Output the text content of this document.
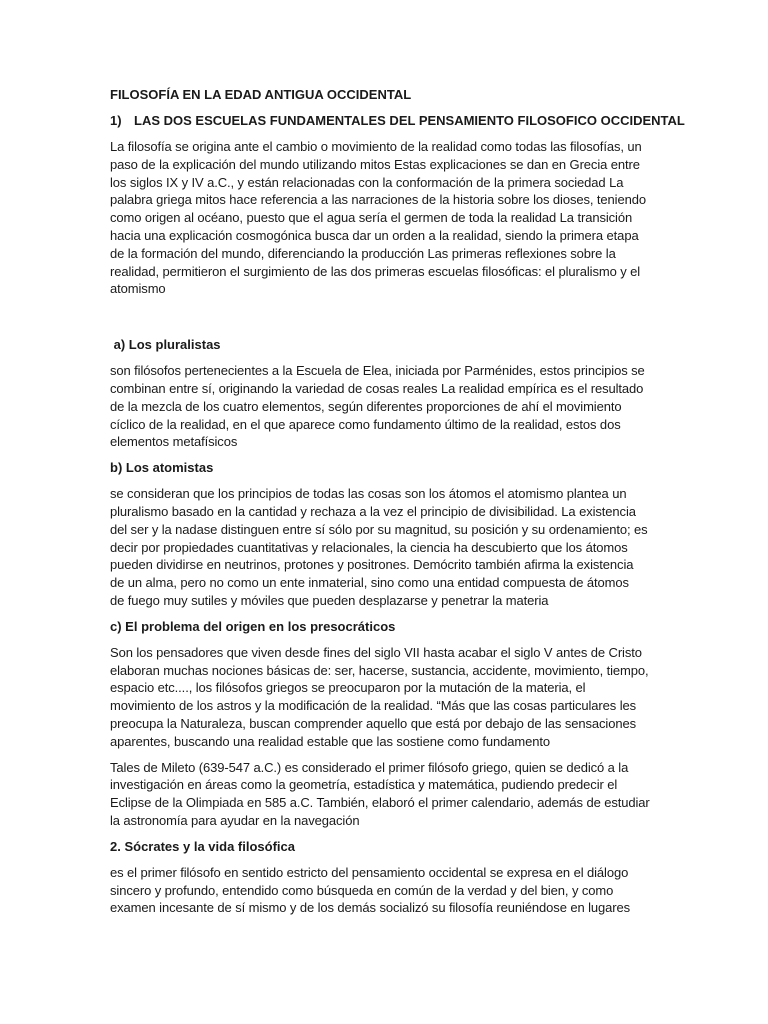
FILOSOFÍA EN LA EDAD ANTIGUA OCCIDENTAL
1) LAS DOS ESCUELAS FUNDAMENTALES DEL PENSAMIENTO FILOSOFICO OCCIDENTAL

La filosofía se origina ante el cambio o movimiento de la realidad como todas las filosofías, un
paso de la explicación del mundo utilizando mitos Estas explicaciones se dan en Grecia entre
los siglos IX y IV a.C., y están relacionadas con la conformación de la primera sociedad La
palabra griega mitos hace referencia a las narraciones de la historia sobre los dioses, teniendo
como origen al océano, puesto que el agua sería el germen de toda la realidad La transición
hacia una explicación cosmogónica busca dar un orden a la realidad, siendo la primera etapa
de la formación del mundo, diferenciando la producción Las primeras reflexiones sobre la
realidad, permitieron el surgimiento de las dos primeras escuelas filosóficas: el pluralismo y el
atomismo

a) Los pluralistas

son filósofos pertenecientes a la Escuela de Elea, iniciada por Parménides, estos principios se
combinan entre sí, originando la variedad de cosas reales La realidad empírica es el resultado
de la mezcla de los cuatro elementos, según diferentes proporciones de ahí el movimiento
cíclico de la realidad, en el que aparece como fundamento último de la realidad, estos dos
elementos metafísicos

b) Los atomistas

se consideran que los principios de todas las cosas son los átomos el atomismo plantea un
pluralismo basado en la cantidad y rechaza a la vez el principio de divisibilidad. La existencia
del ser y la nadase distinguen entre sí sólo por su magnitud, su posición y su ordenamiento; es
decir por propiedades cuantitativas y relacionales, la ciencia ha descubierto que los átomos
pueden dividirse en neutrinos, protones y positrones. Demócrito también afirma la existencia
de un alma, pero no como un ente inmaterial, sino como una entidad compuesta de átomos
de fuego muy sutiles y móviles que pueden desplazarse y penetrar la materia

c) El problema del origen en los presocráticos

Son los pensadores que viven desde fines del siglo VII hasta acabar el siglo V antes de Cristo
elaboran muchas nociones básicas de: ser, hacerse, sustancia, accidente, movimiento, tiempo,
espacio etc...., los filósofos griegos se preocuparon por la mutación de la materia, el
movimiento de los astros y la modificación de la realidad. “Más que las cosas particulares les
preocupa la Naturaleza, buscan comprender aquello que está por debajo de las sensaciones
aparentes, buscando una realidad estable que las sostiene como fundamento

Tales de Mileto (639-547 a.C.) es considerado el primer filósofo griego, quien se dedicó a la
investigación en áreas como la geometría, estadística y matemática, pudiendo predecir el
Eclipse de la Olimpiada en 585 a.C. También, elaboró el primer calendario, además de estudiar
la astronomía para ayudar en la navegación

2. Sócrates y la vida filosófica

es el primer filósofo en sentido estricto del pensamiento occidental se expresa en el diálogo
sincero y profundo, entendido como búsqueda en común de la verdad y del bien, y como
examen incesante de sí mismo y de los demás socializó su filosofía reuniéndose en lugares
